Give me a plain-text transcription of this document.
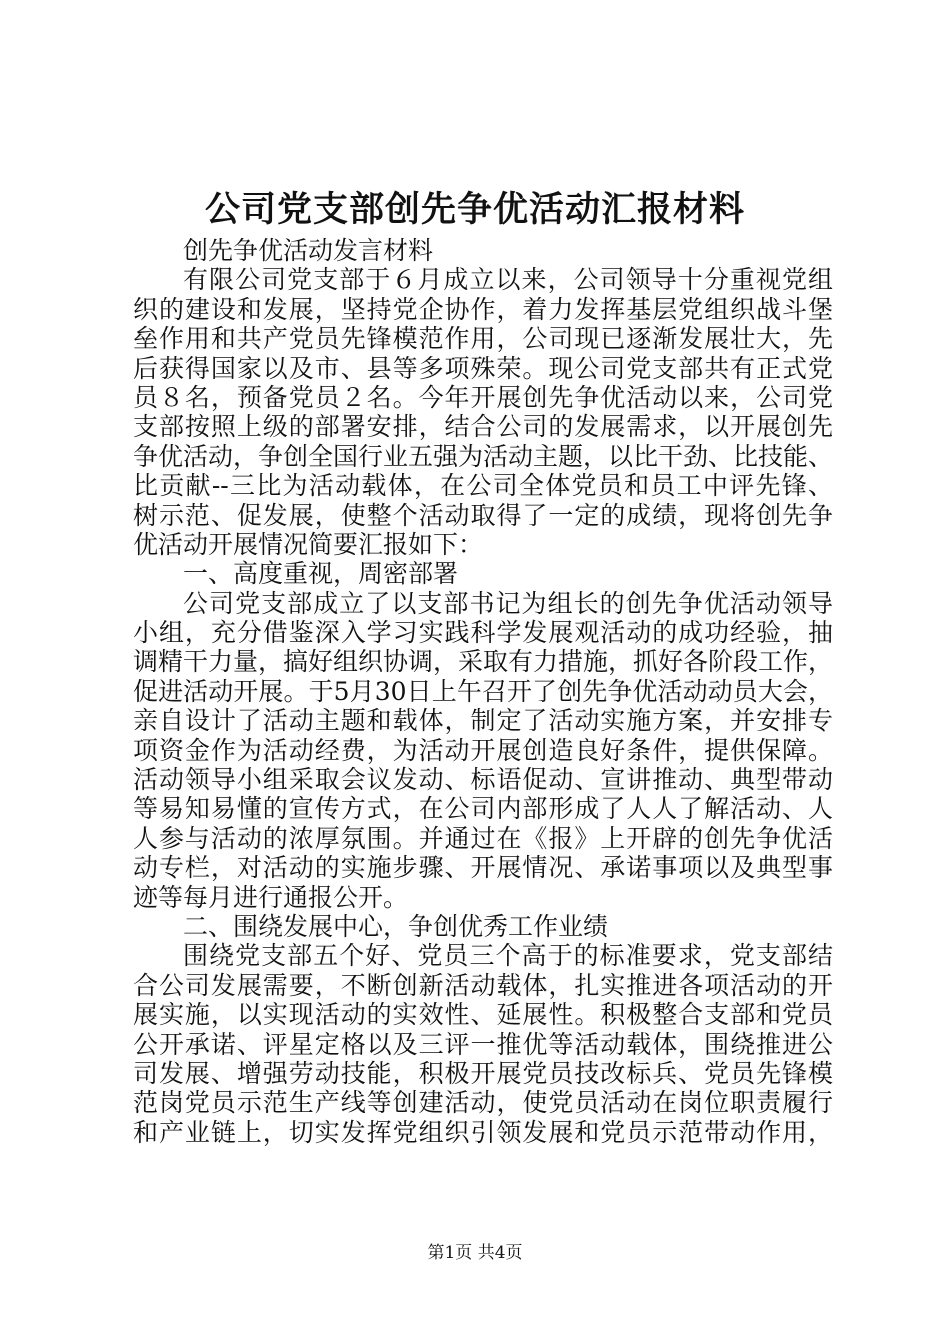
公司党支部创先争优活动汇报材料
创先争优活动发言材料
有限公司党支部于６月成立以来，公司领导十分重视党组
织的建设和发展，坚持党企协作，着力发挥基层党组织战斗堡
垒作用和共产党员先锋模范作用，公司现已逐渐发展壮大，先
后获得国家以及市、县等多项殊荣。现公司党支部共有正式党
员８名，预备党员２名。今年开展创先争优活动以来，公司党
支部按照上级的部署安排，结合公司的发展需求，以开展创先
争优活动，争创全国行业五强为活动主题，以比干劲、比技能、
比贡献--三比为活动载体，在公司全体党员和员工中评先锋、
树示范、促发展，使整个活动取得了一定的成绩，现将创先争
优活动开展情况简要汇报如下：
一、高度重视，周密部署
公司党支部成立了以支部书记为组长的创先争优活动领导
小组，充分借鉴深入学习实践科学发展观活动的成功经验，抽
调精干力量，搞好组织协调，采取有力措施，抓好各阶段工作，
促进活动开展。于5月30日上午召开了创先争优活动动员大会，
亲自设计了活动主题和载体，制定了活动实施方案，并安排专
项资金作为活动经费，为活动开展创造良好条件，提供保障。
活动领导小组采取会议发动、标语促动、宣讲推动、典型带动
等易知易懂的宣传方式，在公司内部形成了人人了解活动、人
人参与活动的浓厚氛围。并通过在《报》上开辟的创先争优活
动专栏，对活动的实施步骤、开展情况、承诺事项以及典型事
迹等每月进行通报公开。
二、围绕发展中心，争创优秀工作业绩
围绕党支部五个好、党员三个高于的标准要求，党支部结
合公司发展需要，不断创新活动载体，扎实推进各项活动的开
展实施，以实现活动的实效性、延展性。积极整合支部和党员
公开承诺、评星定格以及三评一推优等活动载体，围绕推进公
司发展、增强劳动技能，积极开展党员技改标兵、党员先锋模
范岗党员示范生产线等创建活动，使党员活动在岗位职责履行
和产业链上，切实发挥党组织引领发展和党员示范带动作用，
第1页 共4页
